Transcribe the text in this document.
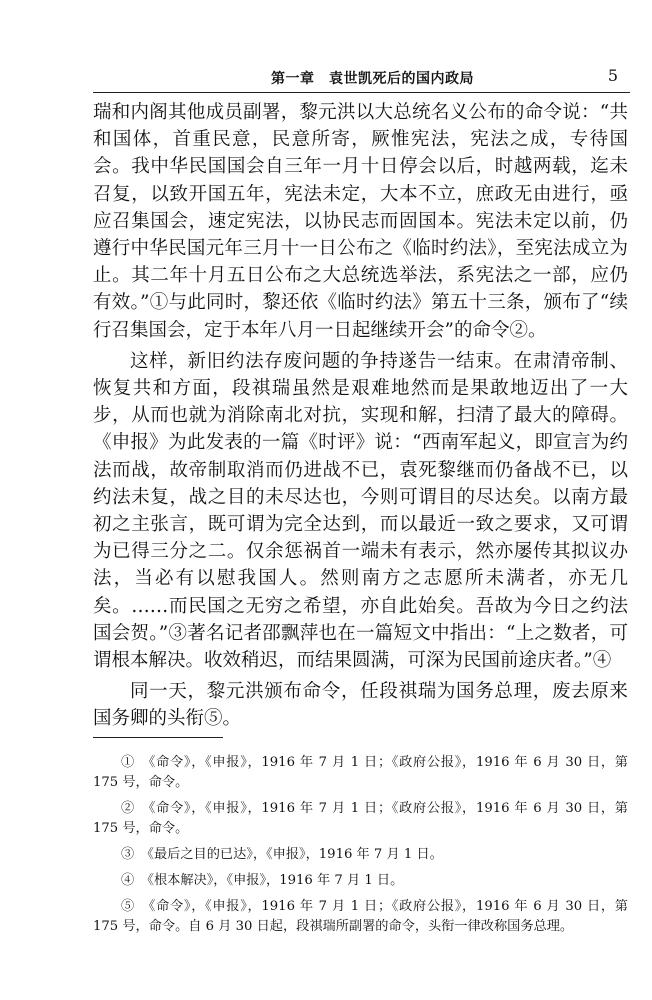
第一章　袁世凯死后的国内政局	5

瑞和内阁其他成员副署，黎元洪以大总统名义公布的命令说：“共和国体，首重民意，民意所寄，厥惟宪法，宪法之成，专待国会。我中华民国国会自三年一月十日停会以后，时越两载，迄未召复，以致开国五年，宪法未定，大本不立，庶政无由进行，亟应召集国会，速定宪法，以协民志而固国本。宪法未定以前，仍遵行中华民国元年三月十一日公布之《临时约法》，至宪法成立为止。其二年十月五日公布之大总统选举法，系宪法之一部，应仍有效。”①与此同时，黎还依《临时约法》第五十三条，颁布了“续行召集国会，定于本年八月一日起继续开会”的命令②。

这样，新旧约法存废问题的争持遂告一结束。在肃清帝制、恢复共和方面，段祺瑞虽然是艰难地然而是果敢地迈出了一大步，从而也就为消除南北对抗，实现和解，扫清了最大的障碍。《申报》为此发表的一篇《时评》说：“西南军起义，即宣言为约法而战，故帝制取消而仍进战不已，袁死黎继而仍备战不已，以约法未复，战之目的未尽达也，今则可谓目的尽达矣。以南方最初之主张言，既可谓为完全达到，而以最近一致之要求，又可谓为已得三分之二。仅余惩祸首一端未有表示，然亦屡传其拟议办法，当必有以慰我国人。然则南方之志愿所未满者，亦无几矣。……而民国之无穷之希望，亦自此始矣。吾故为今日之约法国会贺。”③著名记者邵飘萍也在一篇短文中指出：“上之数者，可谓根本解决。收效稍迟，而结果圆满，可深为民国前途庆者。”④

同一天，黎元洪颁布命令，任段祺瑞为国务总理，废去原来国务卿的头衔⑤。

①　《命令》，《申报》，1916 年 7 月 1 日；《政府公报》，1916 年 6 月 30 日，第 175 号，命令。

②　《命令》，《申报》，1916 年 7 月 1 日；《政府公报》，1916 年 6 月 30 日，第 175 号，命令。

③　《最后之目的已达》，《申报》，1916 年 7 月 1 日。

④　《根本解决》，《申报》，1916 年 7 月 1 日。

⑤　《命令》，《申报》，1916 年 7 月 1 日；《政府公报》，1916 年 6 月 30 日，第 175 号，命令。自 6 月 30 日起，段祺瑞所副署的命令，头衔一律改称国务总理。
